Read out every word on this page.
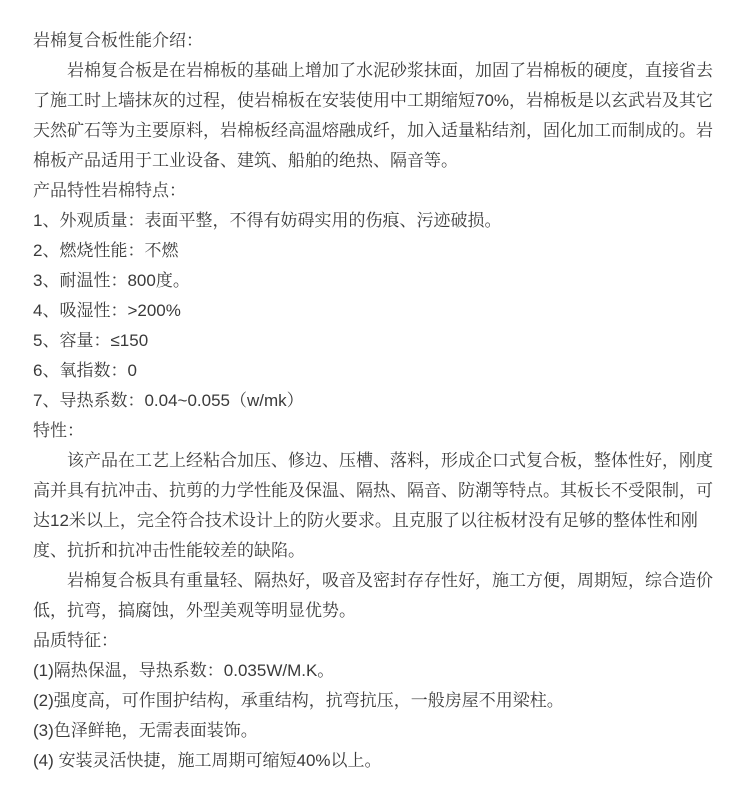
岩棉复合板性能介绍：

岩棉复合板是在岩棉板的基础上增加了水泥砂浆抹面，加固了岩棉板的硬度，直接省去了施工时上墙抹灰的过程，使岩棉板在安装使用中工期缩短70%，岩棉板是以玄武岩及其它天然矿石等为主要原料，岩棉板经高温熔融成纤，加入适量粘结剂，固化加工而制成的。岩棉板产品适用于工业设备、建筑、船舶的绝热、隔音等。

产品特性岩棉特点：

1、外观质量：表面平整，不得有妨碍实用的伤痕、污迹破损。

2、燃烧性能：不燃

3、耐温性：800度。

4、吸湿性：>200%

5、容量：≤150

6、氧指数：0

7、导热系数：0.04~0.055（w/mk）

特性：

该产品在工艺上经粘合加压、修边、压槽、落料，形成企口式复合板，整体性好，刚度高并具有抗冲击、抗剪的力学性能及保温、隔热、隔音、防潮等特点。其板长不受限制，可达12米以上，完全符合技术设计上的防火要求。且克服了以往板材没有足够的整体性和刚度、抗折和抗冲击性能较差的缺陷。

岩棉复合板具有重量轻、隔热好，吸音及密封存存性好，施工方便，周期短，综合造价低，抗弯，搞腐蚀，外型美观等明显优势。

品质特征：

(1)隔热保温，导热系数：0.035W/M.K。

(2)强度高，可作围护结构，承重结构，抗弯抗压，一般房屋不用梁柱。

(3)色泽鲜艳，无需表面装饰。

(4) 安装灵活快捷，施工周期可缩短40%以上。
